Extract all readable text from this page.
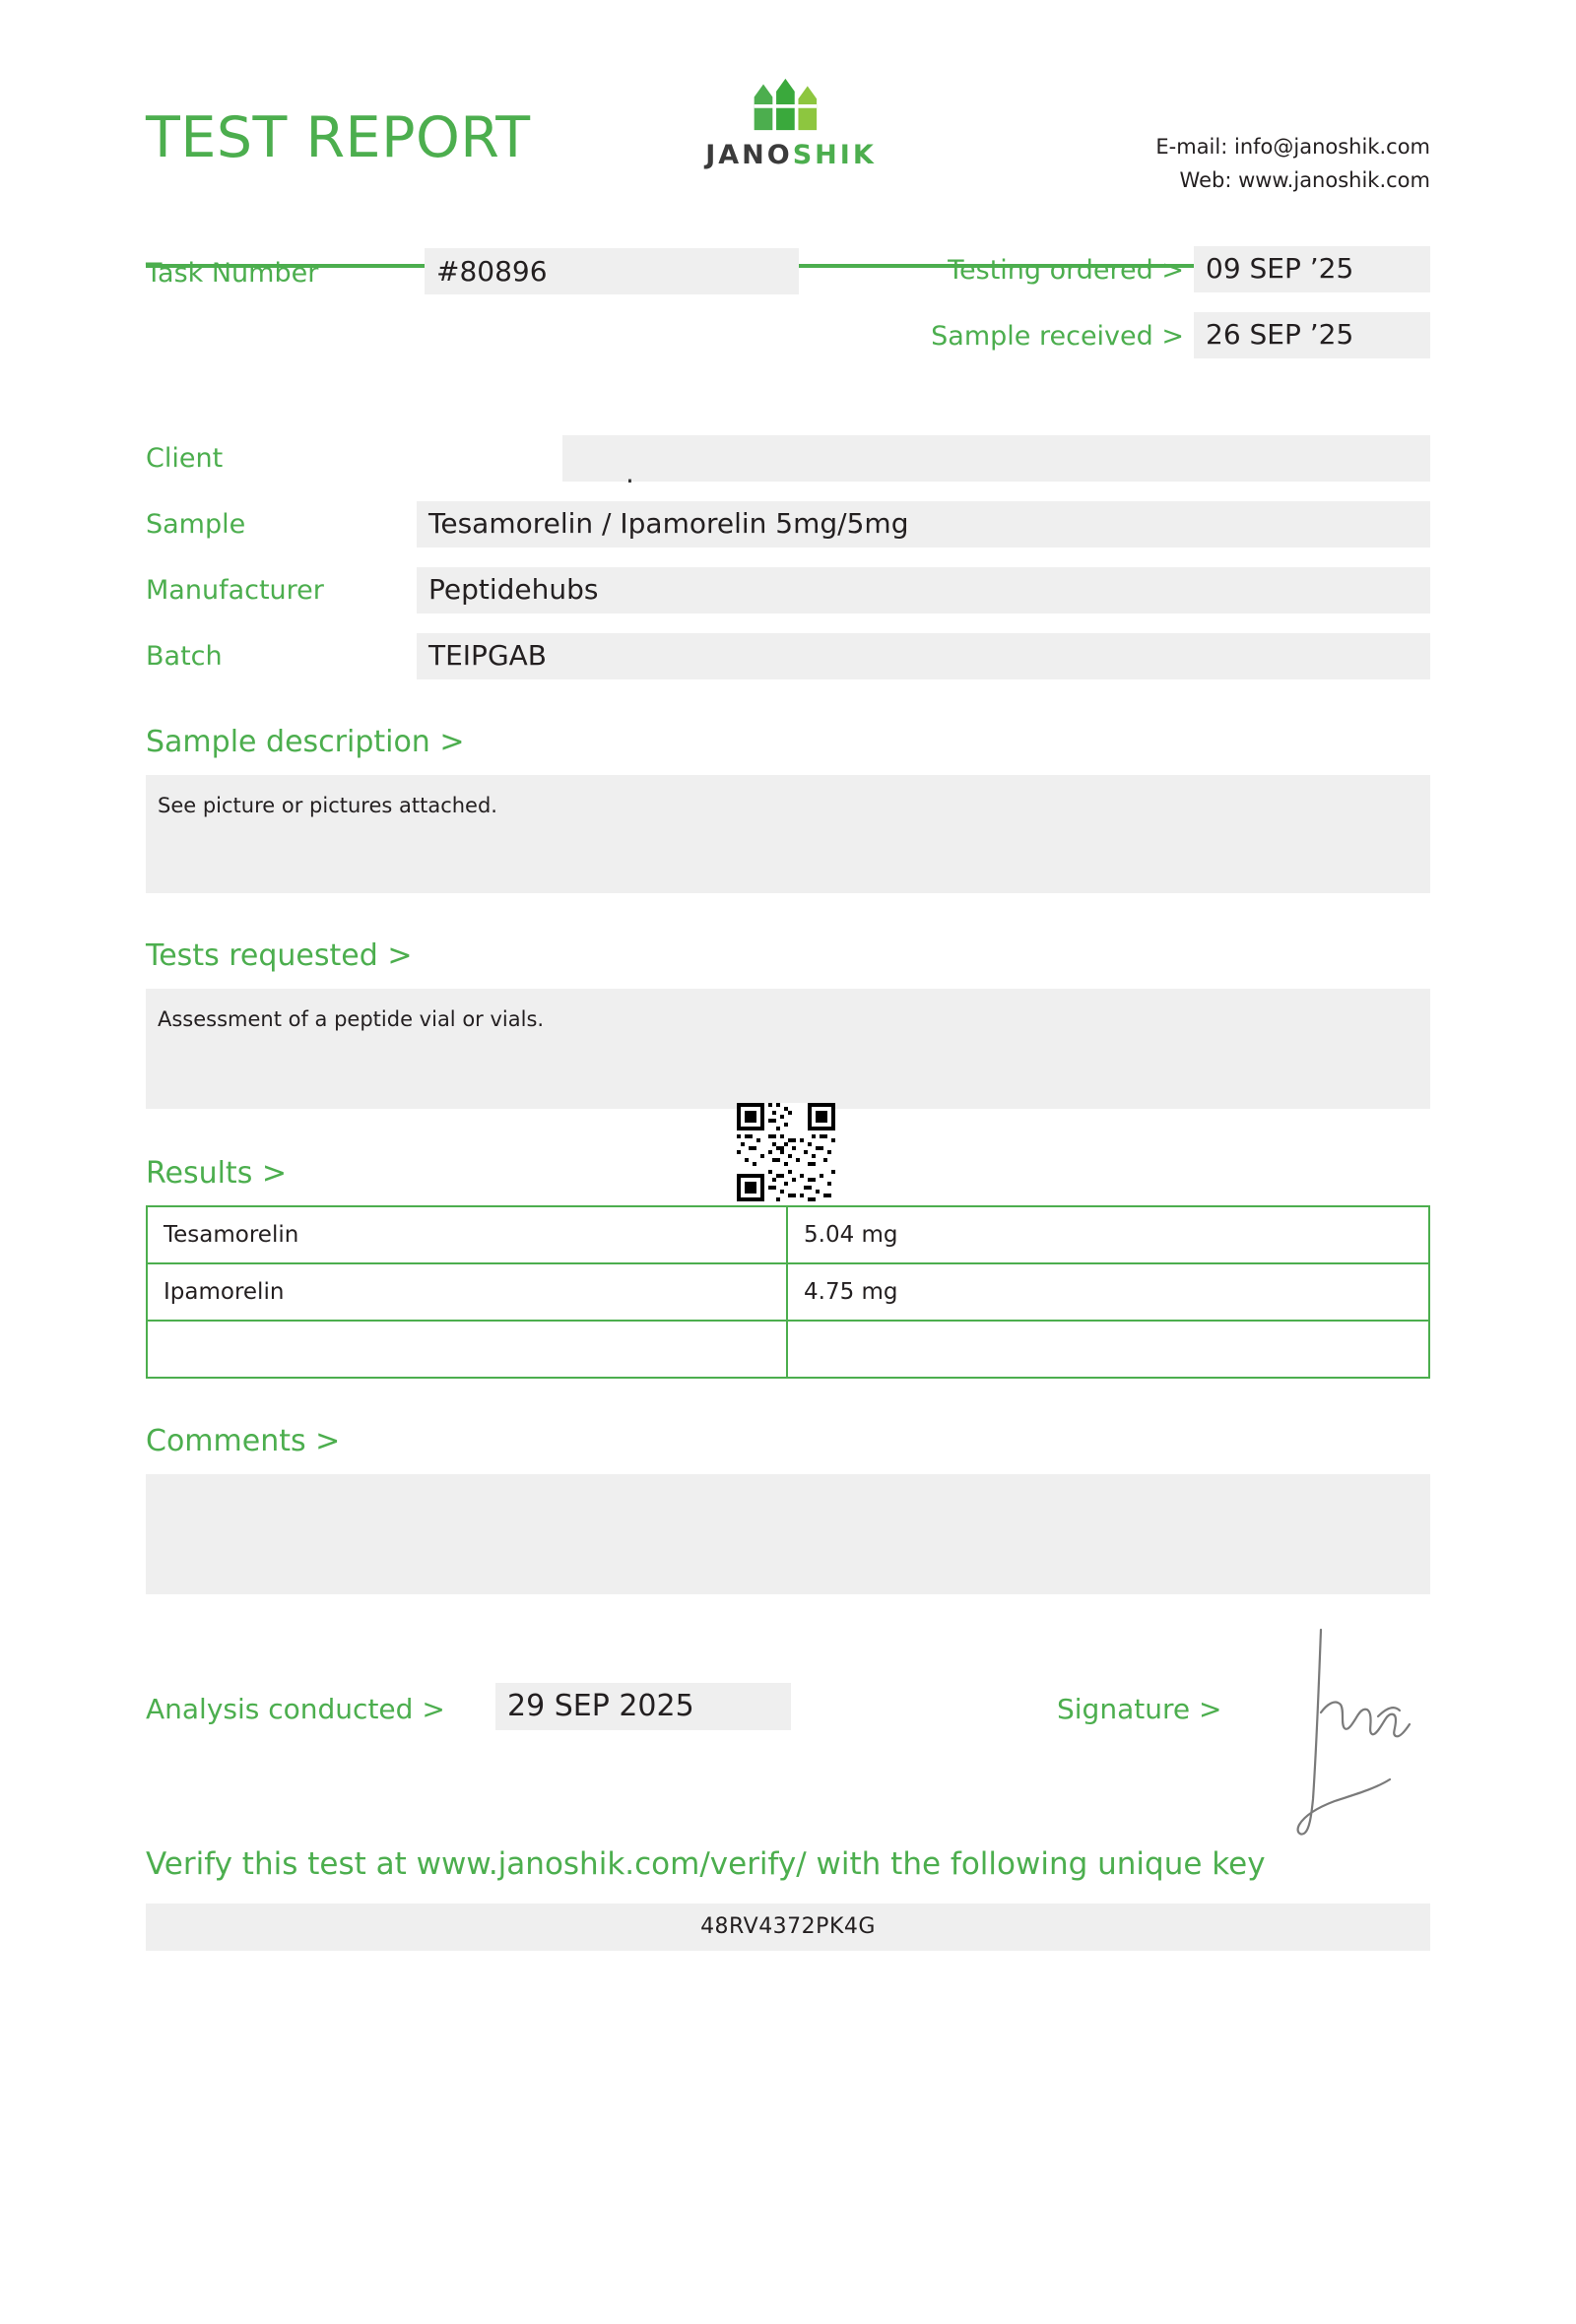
TEST REPORT	JANOSHIK	E-mail: info@janoshik.com
Web: www.janoshik.com
Task Number	#80896	Testing ordered > 09 SEP ’25
Sample received > 26 SEP ’25
Client	.
Sample	Tesamorelin / Ipamorelin 5mg/5mg
Manufacturer	Peptidehubs
Batch	TEIPGAB
Sample description >
See picture or pictures attached.
Tests requested >
Assessment of a peptide vial or vials.
Results >
Tesamorelin	5.04 mg
Ipamorelin	4.75 mg

Comments >
Analysis conducted >	29 SEP 2025	Signature >
Verify this test at www.janoshik.com/verify/ with the following unique key
48RV4372PK4G
